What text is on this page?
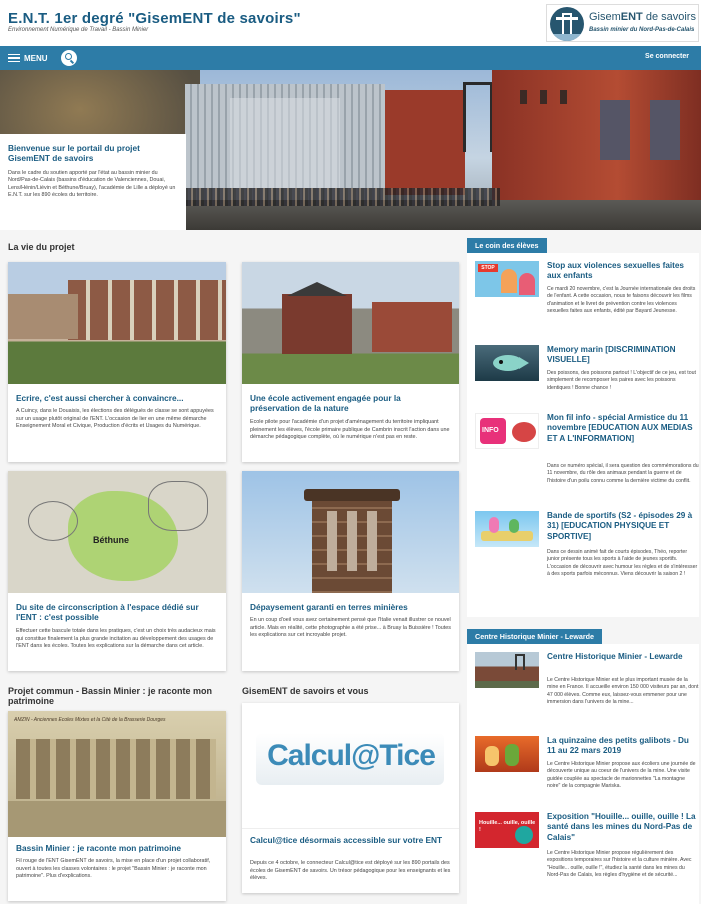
E.N.T. 1er degré "GisemENT de savoirs"
Environnement Numérique de Travail - Bassin Minier
GisemENT de savoirs
Bassin minier du Nord-Pas-de-Calais
MENU	Se connecter
Bienvenue sur le portail du projet GisemENT de savoirs

Dans le cadre du soutien apporté par l'état au bassin minier du Nord/Pas-de-Calais (bassins d'éducation de Valenciennes, Douai, Lens/Hénin/Liévin et Béthune/Bruay), l'académie de Lille a déployé un E.N.T. sur les 890 écoles du territoire.

La vie du projet
Ecrire, c'est aussi chercher à convaincre...

A Cuincy, dans le Douaisis, les élections des délégués de classe se sont appuyées sur un usage plutôt original de l'ENT. L'occasion de lier en une même démarche Enseignement Moral et Civique, Production d'écrits et Usages du Numérique.

Une école activement engagée pour la préservation de la nature

Ecole pilote pour l'académie d'un projet d'aménagement du territoire impliquant pleinement les élèves, l'école primaire publique de Cambrin inscrit l'action dans une démarche pédagogique complète, où le numérique n'est pas en reste.

Béthune
Du site de circonscription à l'espace dédié sur l'ENT : c'est possible

Effectuer cette bascule totale dans les pratiques, c'est un choix très audacieux mais qui constitue finalement la plus grande incitation au développement des usages de l'ENT dans les écoles. Toutes les explications sur la démarche dans cet article.

Dépaysement garanti en terres minières

En un coup d'oeil vous avez certainement pensé que l'Italie venait illustrer ce nouvel article. Mais en réalité, cette photographie a été prise... à Bruay la Buissière ! Toutes les explications sur cet incroyable projet.

Projet commun - Bassin Minier : je raconte mon patrimoine
GisemENT de savoirs et vous
AMZIN - Anciennes Ecoles Mixtes et la Cité de la Brasserie Dourges
Bassin Minier : je raconte mon patrimoine

Fil rouge de l'ENT GisemENT de savoirs, la mise en place d'un projet collaboratif, ouvert à toutes les classes volontaires : le projet "Bassin Minier : je raconte mon patrimoine". Plus d'explications.

Calcul@Tice
Calcul@tice désormais accessible sur votre ENT

Depuis ce 4 octobre, le connecteur Calcul@tice est déployé sur les 890 portails des écoles de GisemENT de savoirs. Un trésor pédagogique pour les enseignants et les élèves.

Le coin des élèves
STOP	Stop aux violences sexuelles faites aux enfants

Ce mardi 20 novembre, c'est la Journée internationale des droits de l'enfant. A cette occasion, nous te faisons découvrir les films d'animation et le livret de prévention contre les violences sexuelles faites aux enfants, édité par Bayard Jeunesse.

Memory marin [DISCRIMINATION VISUELLE]

Des poissons, des poissons partout ! L'objectif de ce jeu, est tout simplement de recomposer les paires avec les poissons identiques ! Bonne chance !

INFO
Mon fil info - spécial Armistice du 11 novembre [EDUCATION AUX MEDIAS ET A L'INFORMATION]

Dans ce numéro spécial, il sera question des commémorations du 11 novembre, du rôle des animaux pendant la guerre et de l'histoire d'un poilu connu comme la dernière victime du conflit.

Bande de sportifs (S2 - épisodes 29 à 31) [EDUCATION PHYSIQUE ET SPORTIVE]

Dans ce dessin animé fait de courts épisodes, Théo, reporter junior présente tous les sports à l'aide de jeunes sportifs. L'occasion de découvrir avec humour les règles et de s'intéresser à des sports parfois méconnus. Viens découvrir la saison 2 !

Centre Historique Minier - Lewarde
Centre Historique Minier - Lewarde

Le Centre Historique Minier est le plus important musée de la mine en France. Il accueille environ 150 000 visiteurs par an, dont 47 000 élèves. Comme eux, laissez-vous emmener pour une immersion dans l'univers de la mine...

La quinzaine des petits galibots - Du 11 au 22 mars 2019

Le Centre Historique Minier propose aux écoliers une journée de découverte unique au coeur de l'univers de la mine. Une visite guidée couplée au spectacle de marionnettes "La montagne noire" de la compagnie Mariska.

Houille... ouille, ouille !
Exposition "Houille... ouille, ouille ! La santé dans les mines du Nord-Pas de Calais"

Le Centre Historique Minier propose régulièrement des expositions temporaires sur l'histoire et la culture minière. Avec "Houille... ouille, ouille !", étudiez la santé dans les mines du Nord-Pas de Calais, les règles d'hygiène et de sécurité...
